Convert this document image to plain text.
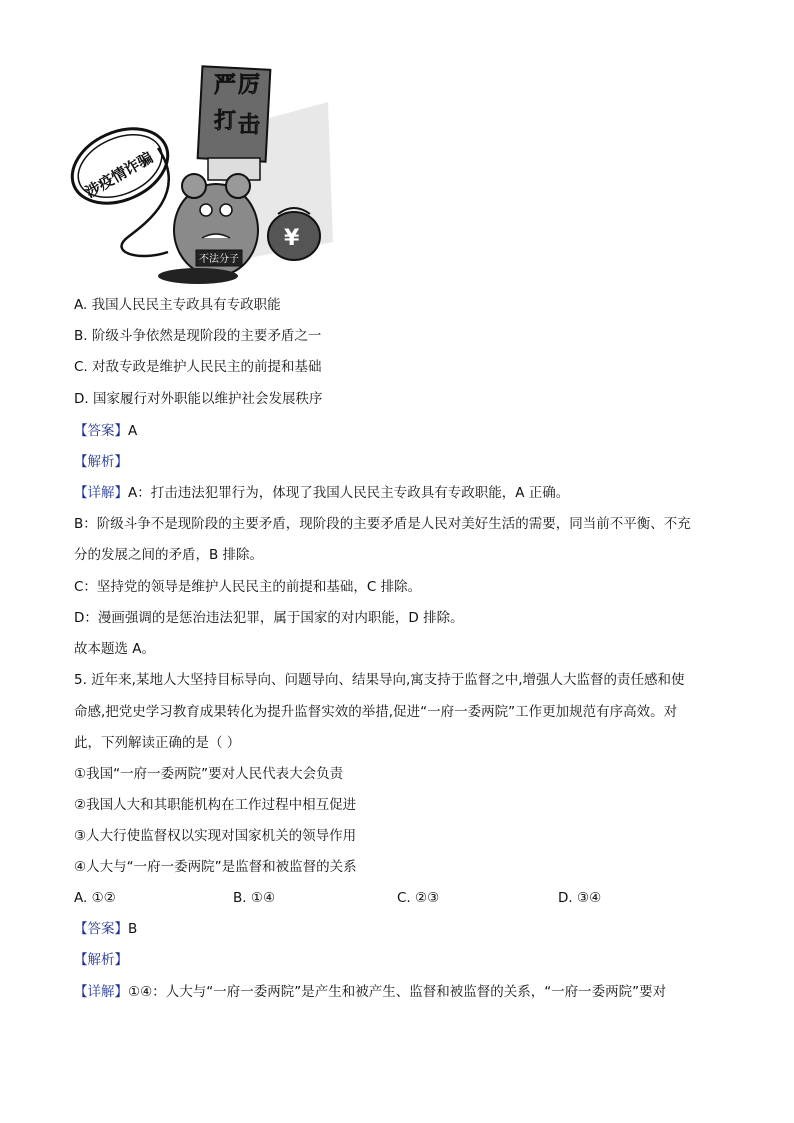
严 厉
打 击
涉疫情诈骗
不法分子
¥
A. 我国人民民主专政具有专政职能
B. 阶级斗争依然是现阶段的主要矛盾之一
C. 对敌专政是维护人民民主的前提和基础
D. 国家履行对外职能以维护社会发展秩序
【答案】A
【解析】
【详解】A：打击违法犯罪行为，体现了我国人民民主专政具有专政职能，A 正确。
B：阶级斗争不是现阶段的主要矛盾，现阶段的主要矛盾是人民对美好生活的需要，同当前不平衡、不充
分的发展之间的矛盾，B 排除。
C：坚持党的领导是维护人民民主的前提和基础，C 排除。
D：漫画强调的是惩治违法犯罪，属于国家的对内职能，D 排除。
故本题选 A。
5. 近年来,某地人大坚持目标导向、问题导向、结果导向,寓支持于监督之中,增强人大监督的责任感和使
命感,把党史学习教育成果转化为提升监督实效的举措,促进“一府一委两院”工作更加规范有序高效。对
此，下列解读正确的是（ ）
①我国“一府一委两院”要对人民代表大会负责
②我国人大和其职能机构在工作过程中相互促进
③人大行使监督权以实现对国家机关的领导作用
④人大与“一府一委两院”是监督和被监督的关系
A. ①②	B. ①④	C. ②③	D. ③④
【答案】B
【解析】
【详解】①④：人大与“一府一委两院”是产生和被产生、监督和被监督的关系，“一府一委两院”要对
